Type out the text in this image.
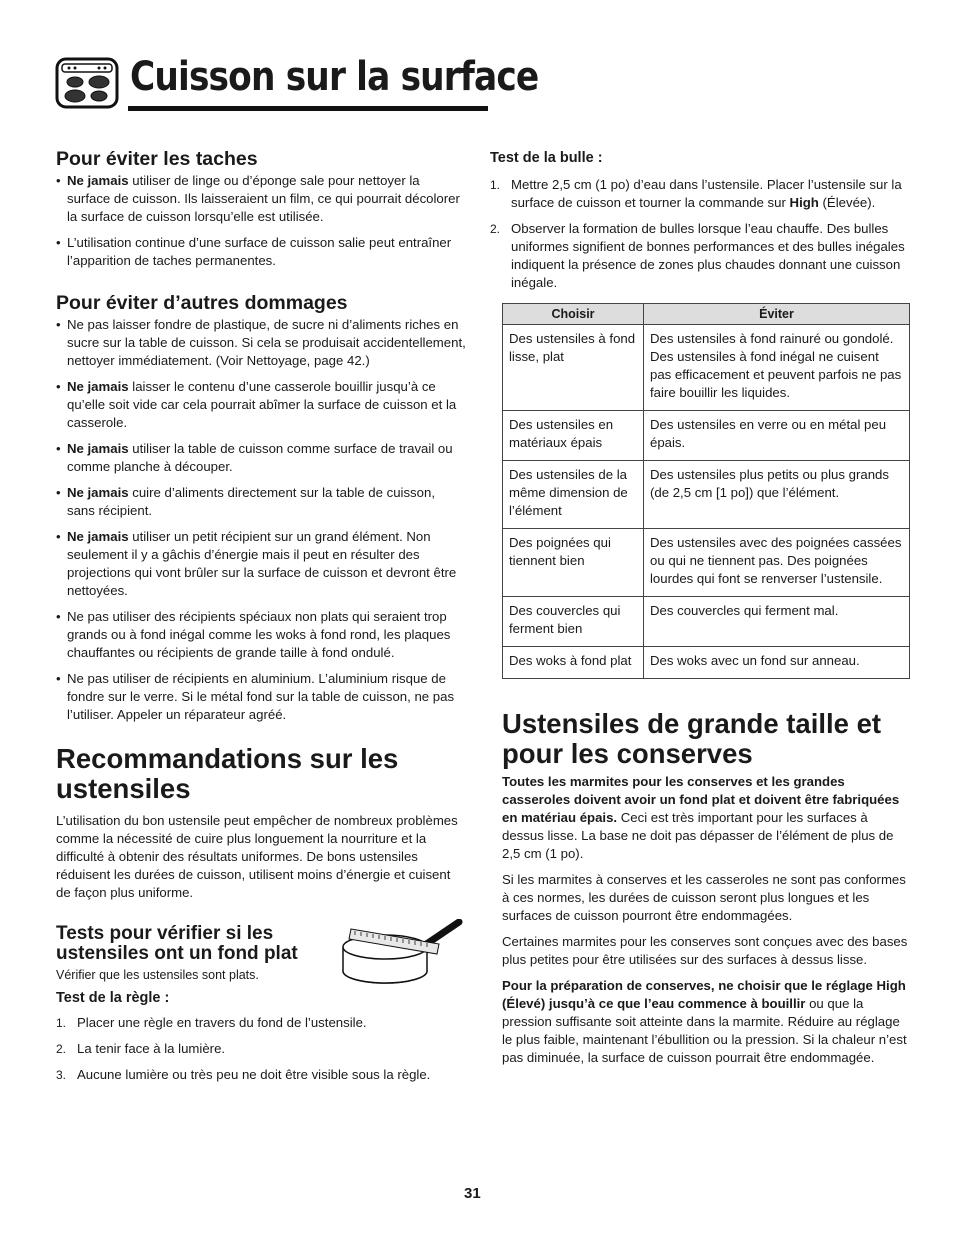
Cuisson sur la surface
Pour éviter les taches
• Ne jamais utiliser de linge ou d’éponge sale pour nettoyer la surface de cuisson. Ils laisseraient un film, ce qui pourrait décolorer la surface de cuisson lorsqu’elle est utilisée.
• L’utilisation continue d’une surface de cuisson salie peut entraîner l’apparition de taches permanentes.
Pour éviter d’autres dommages
• Ne pas laisser fondre de plastique, de sucre ni d’aliments riches en sucre sur la table de cuisson. Si cela se produisait accidentellement, nettoyer immédiatement. (Voir Nettoyage, page 42.)
• Ne jamais laisser le contenu d’une casserole bouillir jusqu’à ce qu’elle soit vide car cela pourrait abîmer la surface de cuisson et la casserole.
• Ne jamais utiliser la table de cuisson comme surface de travail ou comme planche à découper.
• Ne jamais cuire d’aliments directement sur la table de cuisson, sans récipient.
• Ne jamais utiliser un petit récipient sur un grand élément. Non seulement il y a gâchis d’énergie mais il peut en résulter des projections qui vont brûler sur la surface de cuisson et devront être nettoyées.
• Ne pas utiliser des récipients spéciaux non plats qui seraient trop grands ou à fond inégal comme les woks à fond rond, les plaques chauffantes ou récipients de grande taille à fond ondulé.
• Ne pas utiliser de récipients en aluminium. L’aluminium risque de fondre sur le verre. Si le métal fond sur la table de cuisson, ne pas l’utiliser. Appeler un réparateur agréé.
Recommandations sur les ustensiles

L’utilisation du bon ustensile peut empêcher de nombreux problèmes comme la nécessité de cuire plus longuement la nourriture et la difficulté à obtenir des résultats uniformes. De bons ustensiles réduisent les durées de cuisson, utilisent moins d’énergie et cuisent de façon plus uniforme.

Tests pour vérifier si les ustensiles ont un fond plat

Vérifier que les ustensiles sont plats.

Test de la règle :
1. Placer une règle en travers du fond de l’ustensile.
2. La tenir face à la lumière.
3. Aucune lumière ou très peu ne doit être visible sous la règle.
Test de la bulle :
1. Mettre 2,5 cm (1 po) d’eau dans l’ustensile. Placer l’ustensile sur la surface de cuisson et tourner la commande sur High (Élevée).
2. Observer la formation de bulles lorsque l’eau chauffe. Des bulles uniformes signifient de bonnes performances et des bulles inégales indiquent la présence de zones plus chaudes donnant une cuisson inégale.
Choisir	Éviter
Des ustensiles à fond lisse, plat	Des ustensiles à fond rainuré ou gondolé. Des ustensiles à fond inégal ne cuisent pas efficacement et peuvent parfois ne pas faire bouillir les liquides.
Des ustensiles en matériaux épais	Des ustensiles en verre ou en métal peu épais.
Des ustensiles de la même dimension de l’élément	Des ustensiles plus petits ou plus grands (de 2,5 cm [1 po]) que l’élément.
Des poignées qui tiennent bien	Des ustensiles avec des poignées cassées ou qui ne tiennent pas. Des poignées lourdes qui font se renverser l’ustensile.
Des couvercles qui ferment bien	Des couvercles qui ferment mal.
Des woks à fond plat	Des woks avec un fond sur anneau.
Ustensiles de grande taille et pour les conserves

Toutes les marmites pour les conserves et les grandes casseroles doivent avoir un fond plat et doivent être fabriquées en matériau épais. Ceci est très important pour les surfaces à dessus lisse. La base ne doit pas dépasser de l’élément de plus de 2,5 cm (1 po).

Si les marmites à conserves et les casseroles ne sont pas conformes à ces normes, les durées de cuisson seront plus longues et les surfaces de cuisson pourront être endommagées.

Certaines marmites pour les conserves sont conçues avec des bases plus petites pour être utilisées sur des surfaces à dessus lisse.

Pour la préparation de conserves, ne choisir que le réglage High (Élevé) jusqu’à ce que l’eau commence à bouillir ou que la pression suffisante soit atteinte dans la marmite. Réduire au réglage le plus faible, maintenant l’ébullition ou la pression. Si la chaleur n’est pas diminuée, la surface de cuisson pourrait être endommagée.

31
